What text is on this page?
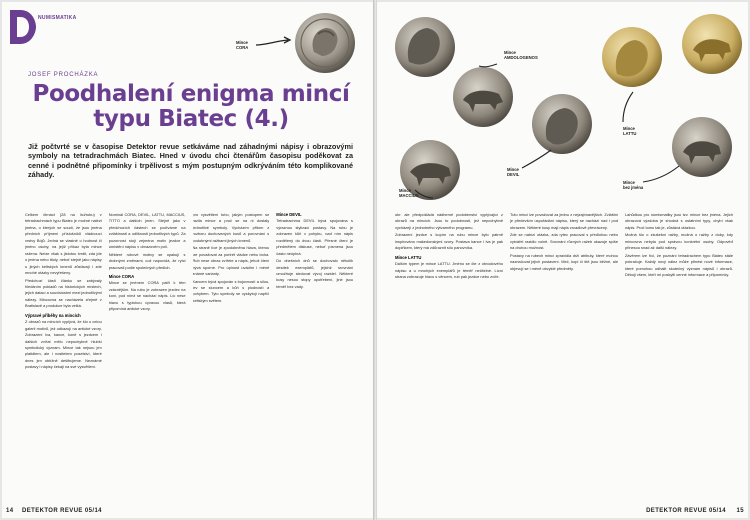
NUMISMATIKA
Mince
CORA
JOSEF PROCHÁZKA
Poodhalení enigma mincí typu Biatec (4.)

Již počtvrté se v časopise Detektor revue setkáváme nad záhadnými nápisy i obrazovými symboly na tetradrachmách Biatec. Hned v úvodu chci čtenářům časopisu poděkovat za cenné i podnětné připomínky i trpělivost s mým postupným odkrýváním této komplikované záhady.

Celkem čtrnáct (28 na líci/rubu) v tetradrachmách typu Biatec je možné nalézt jména, o kterých se soudí, že jsou jména předních příjmení příslušníků vládnoucí vrstvy Bójů. Jedná se vlastně o hodnost či jméno osoby, na jejíž příkaz byla mince ražena. Nelze však s jistotou tvrdit, zda jde o jména nebo tituly, neboť stejně jako nápisy u jiných keltských kmenů zůstávají i zde mnohé otázky nevyřešeny.

Předchozí části článku se zabývaly hledáním pokladů na historických místech, jejich datací a souvislostmi mezi jednotlivými nálezy. Mincovna se nacházela zřejmě v Bratislavě a produkce byla velká.

Výpravé příběhy na mincích

Z obrazů na mincích vyplývá, že šlo o celou galerii motivů, jež odkazují na antické vzory. Zobrazení lva, kance, koně s jezdcem i dalších zvířat mělo nepochybně hlubší symbolický význam. Mince tak nejsou jen platidlem, ale i nositelem poselství, které dnes jen obtížně dešifrujeme. Neznámé postavy i nápisy čekají na své vysvětlení.

Nominál CORA, DEVIL, LATTU, MACCIUS, TITTO a dalších jmen. Stejně jako v předchozích částech se podíváme na zvláštnosti a odlišnosti jednotlivých typů. Za pozornost stojí zejména motiv jezdce a umístění nápisu v obrazovém poli.

Některé rubové motivy se opakují s drobnými změnami, což napovídá, že rytci pracovali podle společných předloh.

Mince CORA

Mince se jménem CORA patří k těm vzácnějším. Na rubu je zobrazen jezdec na koni, pod nímž se nachází nápis. Líc nese hlavu s typickou úpravou vlasů, která připomíná antické vzory.

pro vysvětlení toho, jakým postupem se razila mince a proč se na ni dostaly jednotlivé symboly. Vycházím přitom z rozboru dochovaných kusů a porovnání s podobnými ražbami jiných kmenů.

Na straně líce je zpodobněna hlava, kterou lze považovat za portrét vládce nebo boha. Rub nese obraz zvířete a nápis, jehož čtení bývá sporné. Pro úplnost uvádím i méně známé varianty.

Kancem bývá spojován s bojovností a silou, lev se sluncem a kůň s plodností a pohybem. Tyto symboly se vyskytují napříč keltským světem.

Mince DEVIL

Tetradrachma DEVIL bývá spojována s výraznou stylizací postavy. Na rubu je zobrazen kůň v pohybu, nad ním nápis rozdělený do dvou částí. Přesné čtení je předmětem diskuse, neboť písmena jsou často neúplná.

Do dnešních dnů se dochovalo několik desítek exemplářů, jejichž srovnání umožňuje sledovat vývoj razidel. Některé kusy nesou stopy opotřebení, jiné jsou téměř bez vady.

14 DETEKTOR REVUE 05/14
Mince
AMDOLOGENOS
Mince
MACCIUS
Mince
DEVIL
Mince
LATTU
Mince
bez jména

obr. ale předpokládá nádherné podobenství vyplývající z obrazů na mincích. Jsou to podobnosti, jež nepochybně vycházejí z jednotného výtvarného programu.

Zobrazení jezdce s kopím na rubu mince bylo patrně inspirováno makedonskými vzory. Postava kance i lva je pak doplňkem, který má zdůraznit sílu panovníka.

Mince LATTU

Dalším typem je mince LATTU. Jméno se čte z obvodového nápisu a u mnohých exemplářů je téměř nečitelné. Lícní strana zobrazuje hlavu s věncem, rub pak jezdce nebo zvíře.

Tuto minci lze považovat za jednu z nejzajímavějších. Zvláštní je především uspořádání nápisu, který se nachází nad i pod obrazem. Některé kusy mají nápis zrcadlově převrácený.

Zde se nabízí otázka, zda rytec pracoval s předlohou nebo vytvářel razidlo volně. Srovnání různých ražeb ukazuje spíše na druhou možnost.

Postavy na rubech mincí zpravidla drží atributy, které mohou naznačovat jejich postavení. Meč, kopí či štít jsou běžné, ale objevují se i méně obvyklé předměty.

Lahůdkou pro numismatiky jsou tzv. mince bez jména. Jejich obrazová výzdoba je shodná s ostatními typy, chybí však nápis. Proč tomu tak je, zůstává otázkou.

Možná šlo o zkušební ražby, možná o ražby z doby, kdy mincovna nebyla pod správou konkrétní osoby. Odpověď přinesou snad až další nálezy.

Závěrem lze říci, že poznání tetradrachem typu Biatec stále pokračuje. Každý nový nález může přinést nové informace, které pomohou odhalit skutečný význam nápisů i obrazů. Děkuji všem, kteří mi poskytli cenné informace a připomínky.

DETEKTOR REVUE 05/14 15
